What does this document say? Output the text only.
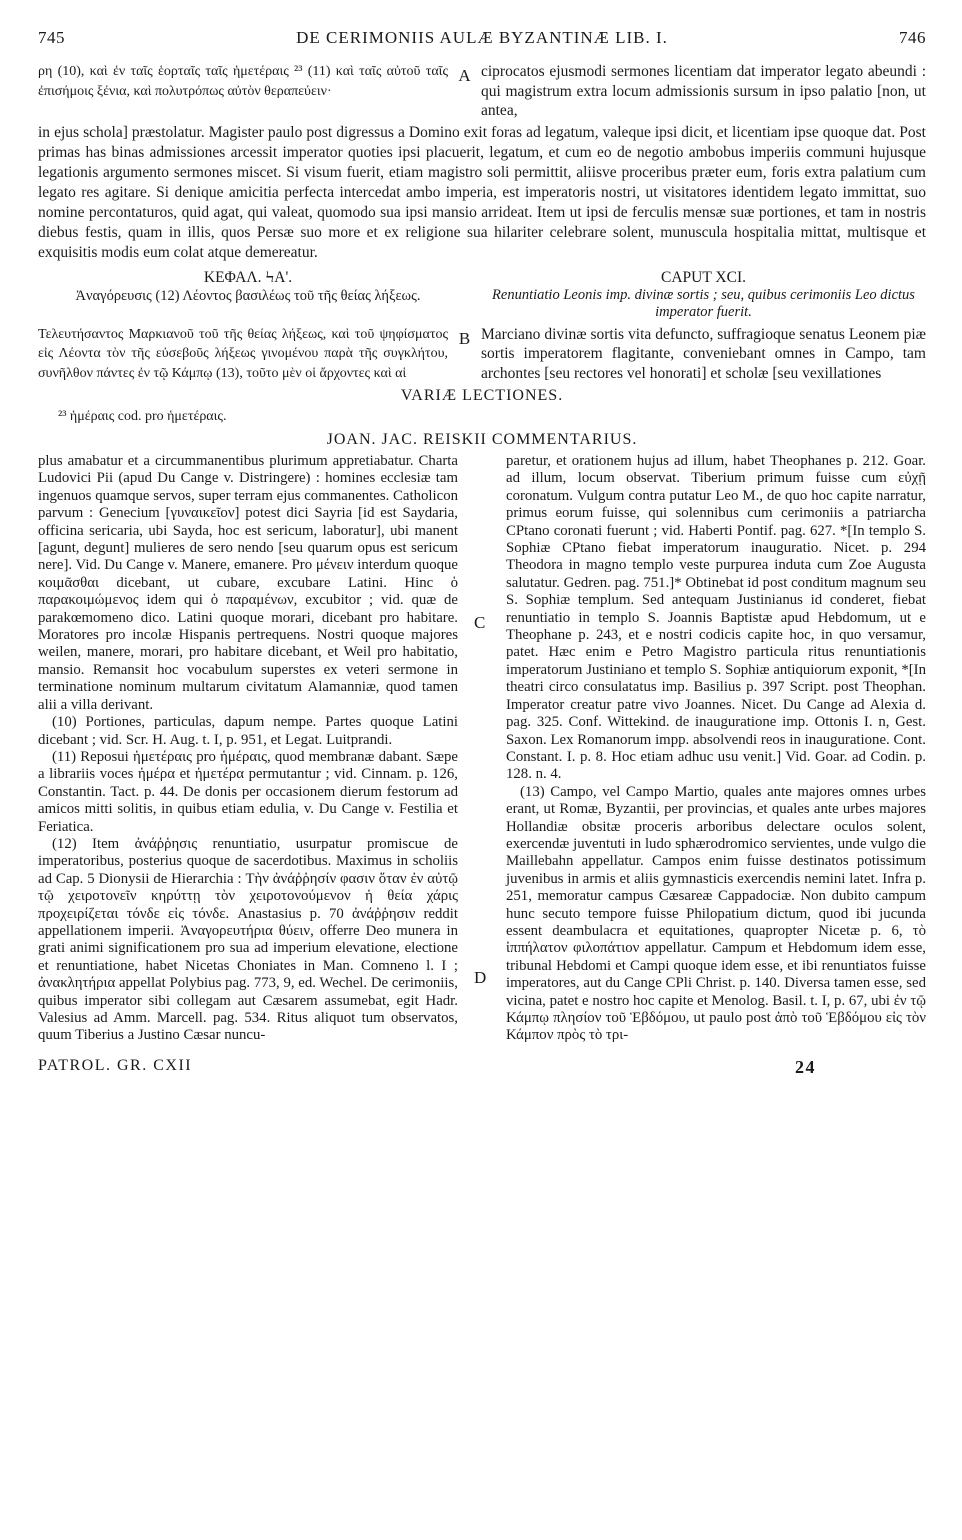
745	DE CERIMONIIS AULÆ BYZANTINÆ LIB. I.	746

ρη (10), καὶ ἐν ταῖς ἑορταῖς ταῖς ἡμετέραις ²³ (11) καὶ ταῖς αὐτοῦ ταῖς ἐπισήμοις ξένια, καὶ πολυτρόπως αὐτὸν θεραπεύειν·

A ciprocatos ejusmodi sermones licentiam dat imperator legato abeundi : qui magistrum extra locum admissionis sursum in ipso palatio [non, ut antea,

in ejus schola] præstolatur. Magister paulo post digressus a Domino exit foras ad legatum, valeque ipsi dicit, et licentiam ipse quoque dat. Post primas has binas admissiones arcessit imperator quoties ipsi placuerit, legatum, et cum eo de negotio ambobus imperiis communi hujusque legationis argumento sermones miscet. Si visum fuerit, etiam magistro soli permittit, aliisve proceribus præter eum, foris extra palatium cum legato res agitare. Si denique amicitia perfecta intercedat ambo imperia, est imperatoris nostri, ut visitatores identidem legato immittat, suo nomine percontaturos, quid agat, qui valeat, quomodo sua ipsi mansio arrideat. Item ut ipsi de ferculis mensæ suæ portiones, et tam in nostris diebus festis, quam in illis, quos Persæ suo more et ex religione sua hilariter celebrare solent, munuscula hospitalia mittat, multisque et exquisitis modis eum colat atque demereatur.

ΚΕΦΑΛ. ϞΑ'.	CAPUT XCI.

Ἀναγόρευσις (12) Λέοντος βασιλέως τοῦ τῆς θείας λήξεως.	Renuntiatio Leonis imp. divinæ sortis ; seu, quibus cerimoniis Leo dictus imperator fuerit.

Τελευτήσαντος Μαρκιανοῦ τοῦ τῆς θείας λήξεως, καὶ τοῦ ψηφίσματος εἰς Λέοντα τὸν τῆς εὐσεβοῦς λήξεως γινομένου παρὰ τῆς συγκλήτου, συνῆλθον πάντες ἐν τῷ Κάμπῳ (13), τοῦτο μὲν οἱ ἄρχοντες καὶ αἱ

B Marciano divinæ sortis vita defuncto, suffragioque senatus Leonem piæ sortis imperatorem flagitante, conveniebant omnes in Campo, tam archontes [seu rectores vel honorati] et scholæ [seu vexillationes

VARIÆ LECTIONES.

²³ ἡμέραις cod. pro ἡμετέραις.

JOAN. JAC. REISKII COMMENTARIUS.

plus amabatur et a circummanentibus plurimum appretiabatur. Charta Ludovici Pii (apud Du Cange v. Distringere) : homines ecclesiæ tam ingenuos quamque servos, super terram ejus commanentes. Catholicon parvum : Genecium [γυναικεῖον] potest dici Sayria [id est Saydaria, officina sericaria, ubi Sayda, hoc est sericum, laboratur], ubi manent [agunt, degunt] mulieres de sero nendo [seu quarum opus est sericum nere]. Vid. Du Cange v. Manere, emanere. Pro μένειν interdum quoque κοιμᾶσθαι dicebant, ut cubare, excubare Latini. Hinc ὁ παρακοιμώμενος idem qui ὁ παραμένων, excubitor ; vid. quæ de parakœmomeno dico. Latini quoque morari, dicebant pro habitare. Moratores pro incolæ Hispanis pertrequens. Nostri quoque majores weilen, manere, morari, pro habitare dicebant, et Weil pro habitatio, mansio. Remansit hoc vocabulum superstes ex veteri sermone in terminatione nominum multarum civitatum Alamanniæ, quod tamen alii a villa derivant.

(10) Portiones, particulas, dapum nempe. Partes quoque Latini dicebant ; vid. Scr. H. Aug. t. I, p. 951, et Legat. Luitprandi.

(11) Reposui ἡμετέραις pro ἡμέραις, quod membranæ dabant. Sæpe a librariis voces ἡμέρα et ἡμετέρα permutantur ; vid. Cinnam. p. 126, Constantin. Tact. p. 44. De donis per occasionem dierum festorum ad amicos mitti solitis, in quibus etiam edulia, v. Du Cange v. Festilia et Feriatica.

(12) Item ἀνάῤῥησις renuntiatio, usurpatur promiscue de imperatoribus, posterius quoque de sacerdotibus. Maximus in scholiis ad Cap. 5 Dionysii de Hierarchia : Τὴν ἀνάῤῥησίν φασιν ὅταν ἐν αὐτῷ τῷ χειροτονεῖν κηρύττῃ τὸν χειροτονούμενον ἡ θεία χάρις προχειρίζεται τόνδε εἰς τόνδε. Anastasius p. 70 ἀνάῤῥησιν reddit appellationem imperii. Ἀναγορευτήρια θύειν, offerre Deo munera in grati animi significationem pro sua ad imperium elevatione, electione et renuntiatione, habet Nicetas Choniates in Man. Comneno l. I ; ἀνακλητήρια appellat Polybius pag. 773, 9, ed. Wechel. De cerimoniis, quibus imperator sibi collegam aut Cæsarem assumebat, egit Hadr. Valesius ad Amm. Marcell. pag. 534. Ritus aliquot tum observatos, quum Tiberius a Justino Cæsar nuncu-

C
D

paretur, et orationem hujus ad illum, habet Theophanes p. 212. Goar. ad illum, locum observat. Tiberium primum fuisse cum εὐχῇ coronatum. Vulgum contra putatur Leo M., de quo hoc capite narratur, primus eorum fuisse, qui solennibus cum cerimoniis a patriarcha CPtano coronati fuerunt ; vid. Haberti Pontif. pag. 627. *[In templo S. Sophiæ CPtano fiebat imperatorum inauguratio. Nicet. p. 294 Theodora in magno templo veste purpurea induta cum Zoe Augusta salutatur. Gedren. pag. 751.]* Obtinebat id post conditum magnum seu S. Sophiæ templum. Sed antequam Justinianus id conderet, fiebat renuntiatio in templo S. Joannis Baptistæ apud Hebdomum, ut e Theophane p. 243, et e nostri codicis capite hoc, in quo versamur, patet. Hæc enim e Petro Magistro particula ritus renuntiationis imperatorum Justiniano et templo S. Sophiæ antiquiorum exponit, *[In theatri circo consulatatus imp. Basilius p. 397 Script. post Theophan. Imperator creatur patre vivo Joannes. Nicet. Du Cange ad Alexia d. pag. 325. Conf. Wittekind. de inauguratione imp. Ottonis I. n, Gest. Saxon. Lex Romanorum impp. absolvendi reos in inauguratione. Cont. Constant. I. p. 8. Hoc etiam adhuc usu venit.] Vid. Goar. ad Codin. p. 128. n. 4.

(13) Campo, vel Campo Martio, quales ante majores omnes urbes erant, ut Romæ, Byzantii, per provincias, et quales ante urbes majores Hollandiæ obsitæ proceris arboribus delectare oculos solent, exercendæ juventuti in ludo sphærodromico servientes, unde vulgo die Maillebahn appellatur. Campos enim fuisse destinatos potissimum juvenibus in armis et aliis gymnasticis exercendis nemini latet. Infra p. 251, memoratur campus Cæsareæ Cappadociæ. Non dubito campum hunc secuto tempore fuisse Philopatium dictum, quod ibi jucunda essent deambulacra et equitationes, quapropter Nicetæ p. 6, τὸ ἱππήλατον φιλοπάτιον appellatur. Campum et Hebdomum idem esse, tribunal Hebdomi et Campi quoque idem esse, et ibi renuntiatos fuisse imperatores, aut du Cange CPli Christ. p. 140. Diversa tamen esse, sed vicina, patet e nostro hoc capite et Menolog. Basil. t. I, p. 67, ubi ἐν τῷ Κάμπῳ πλησίον τοῦ Ἑβδόμου, ut paulo post ἀπὸ τοῦ Ἑβδόμου εἰς τὸν Κάμπον πρὸς τὸ τρι-

PATROL. GR. CXII	24
